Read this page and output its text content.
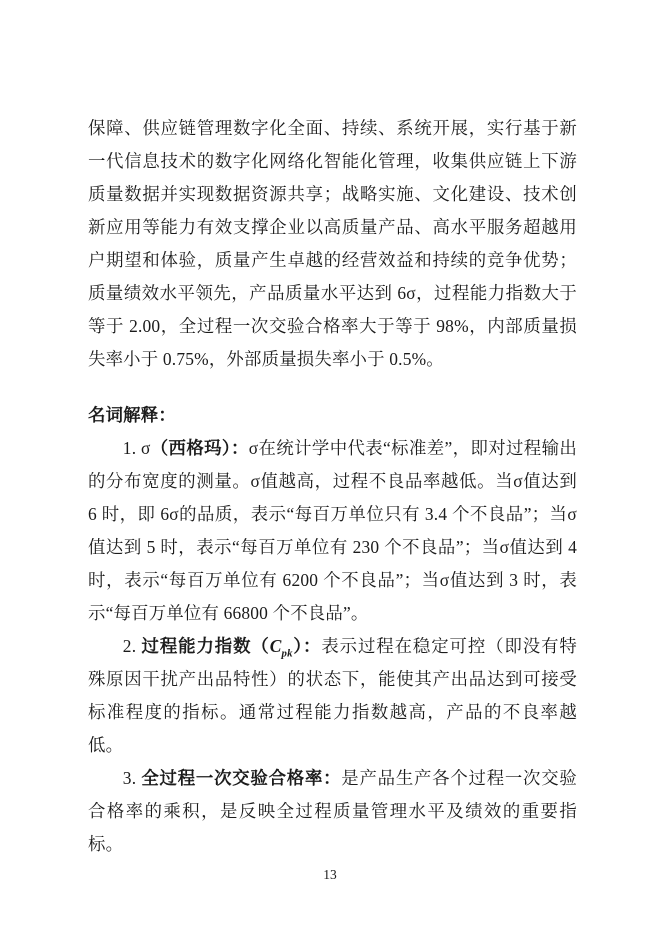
保障、供应链管理数字化全面、持续、系统开展，实行基于新一代信息技术的数字化网络化智能化管理，收集供应链上下游质量数据并实现数据资源共享；战略实施、文化建设、技术创新应用等能力有效支撑企业以高质量产品、高水平服务超越用户期望和体验，质量产生卓越的经营效益和持续的竞争优势；质量绩效水平领先，产品质量水平达到 6σ，过程能力指数大于等于 2.00，全过程一次交验合格率大于等于 98%，内部质量损失率小于 0.75%，外部质量损失率小于 0.5%。

名词解释：

1. σ（西格玛）：σ在统计学中代表“标准差”，即对过程输出的分布宽度的测量。σ值越高，过程不良品率越低。当σ值达到 6 时，即 6σ的品质，表示“每百万单位只有 3.4 个不良品”；当σ值达到 5 时，表示“每百万单位有 230 个不良品”；当σ值达到 4 时，表示“每百万单位有 6200 个不良品”；当σ值达到 3 时，表示“每百万单位有 66800 个不良品”。

2. 过程能力指数$(C_{pk})$：表示过程在稳定可控（即没有特殊原因干扰产出品特性）的状态下，能使其产出品达到可接受标准程度的指标。通常过程能力指数越高，产品的不良率越低。

3. 全过程一次交验合格率：是产品生产各个过程一次交验合格率的乘积，是反映全过程质量管理水平及绩效的重要指标。

13
